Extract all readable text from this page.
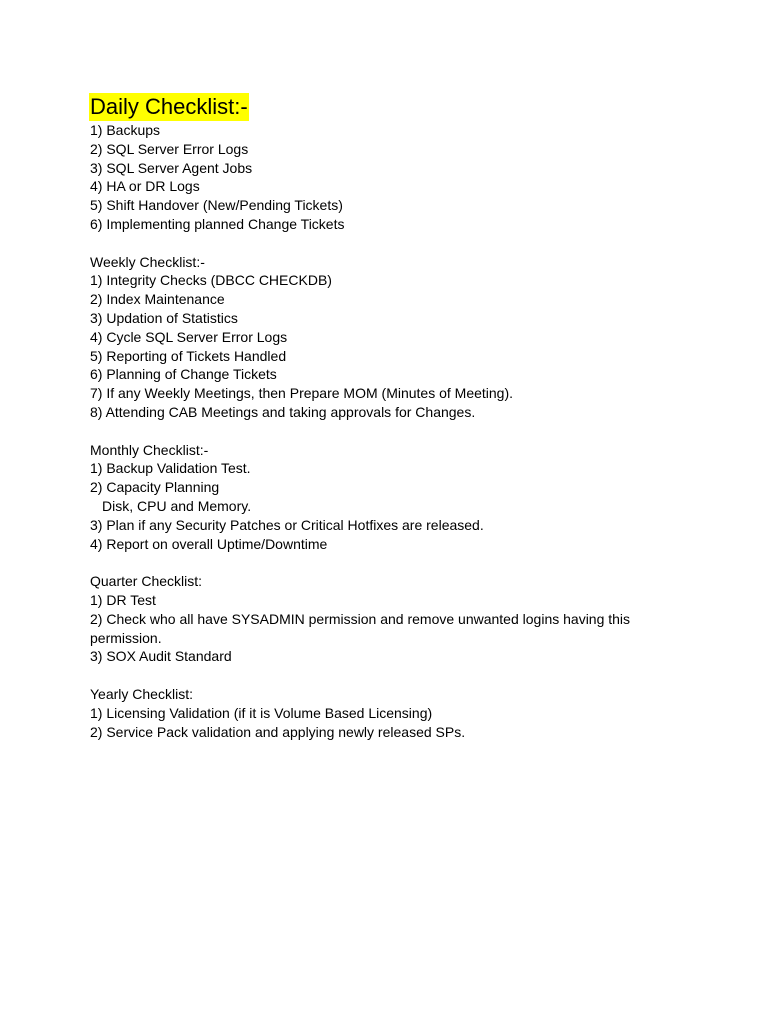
Daily Checklist:-
1) Backups
2) SQL Server Error Logs
3) SQL Server Agent Jobs
4) HA or DR Logs
5) Shift Handover (New/Pending Tickets)
6) Implementing planned Change Tickets
Weekly Checklist:-
1) Integrity Checks (DBCC CHECKDB)
2) Index Maintenance
3) Updation of Statistics
4) Cycle SQL Server Error Logs
5) Reporting of Tickets Handled
6) Planning of Change Tickets
7) If any Weekly Meetings, then Prepare MOM (Minutes of Meeting).
8) Attending CAB Meetings and taking approvals for Changes.
Monthly Checklist:-
1) Backup Validation Test.
2) Capacity Planning
Disk, CPU and Memory.
3) Plan if any Security Patches or Critical Hotfixes are released.
4) Report on overall Uptime/Downtime
Quarter Checklist:
1) DR Test
2) Check who all have SYSADMIN permission and remove unwanted logins having this
permission.
3) SOX Audit Standard
Yearly Checklist:
1) Licensing Validation (if it is Volume Based Licensing)
2) Service Pack validation and applying newly released SPs.
